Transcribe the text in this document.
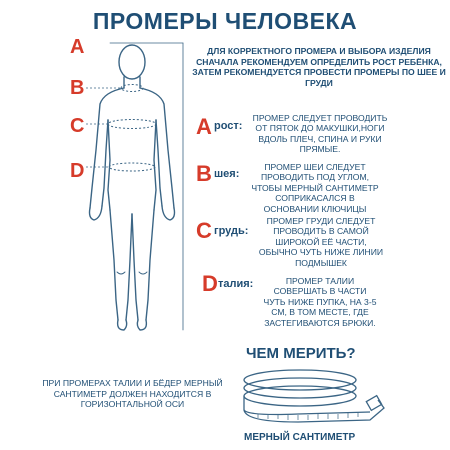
ПРОМЕРЫ ЧЕЛОВЕКА
A
B
C
D
ДЛЯ КОРРЕКТНОГО ПРОМЕРА И ВЫБОРА ИЗДЕЛИЯ СНАЧАЛА РЕКОМЕНДУЕМ ОПРЕДЕЛИТЬ РОСТ РЕБЁНКА, ЗАТЕМ РЕКОМЕНДУЕТСЯ ПРОВЕСТИ ПРОМЕРЫ ПО ШЕЕ И ГРУДИ
A рост:
ПРОМЕР СЛЕДУЕТ ПРОВОДИТЬ ОТ ПЯТОК ДО МАКУШКИ,НОГИ ВДОЛЬ ПЛЕЧ, СПИНА И РУКИ ПРЯМЫЕ.
B шея:
ПРОМЕР ШЕИ СЛЕДУЕТ ПРОВОДИТЬ ПОД УГЛОМ, ЧТОБЫ МЕРНЫЙ САНТИМЕТР СОПРИКАСАЛСЯ В ОСНОВАНИИ КЛЮЧИЦЫ
C грудь:
ПРОМЕР ГРУДИ СЛЕДУЕТ ПРОВОДИТЬ В САМОЙ ШИРОКОЙ ЕЁ ЧАСТИ, ОБЫЧНО ЧУТЬ НИЖЕ ЛИНИИ ПОДМЫШЕК
D талия:	ПРОМЕР ТАЛИИ СОВЕРШАТЬ В ЧАСТИ ЧУТЬ НИЖЕ ПУПКА, НА 3-5 СМ, В ТОМ МЕСТЕ, ГДЕ ЗАСТЕГИВАЮТСЯ БРЮКИ.
ЧЕМ МЕРИТЬ?
ПРИ ПРОМЕРАХ ТАЛИИ И БЁДЕР МЕРНЫЙ САНТИМЕТР ДОЛЖЕН НАХОДИТСЯ В ГОРИЗОНТАЛЬНОЙ ОСИ
МЕРНЫЙ САНТИМЕТР
